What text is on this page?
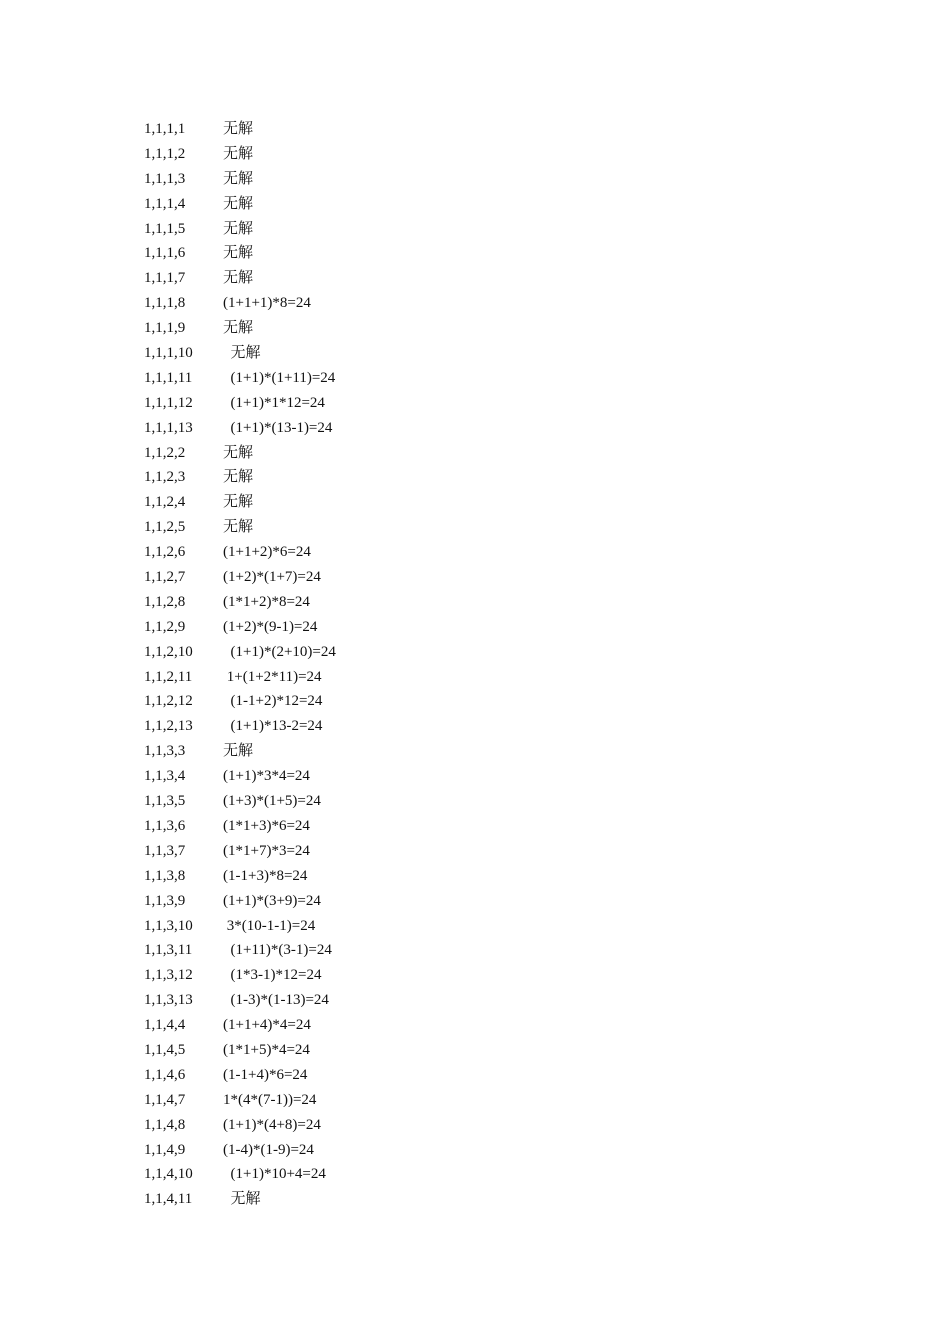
1,1,1,1	无解
1,1,1,2	无解
1,1,1,3	无解
1,1,1,4	无解
1,1,1,5	无解
1,1,1,6	无解
1,1,1,7	无解
1,1,1,8	(1+1+1)*8=24
1,1,1,9	无解
1,1,1,10  无解
1,1,1,11  (1+1)*(1+11)=24
1,1,1,12  (1+1)*1*12=24
1,1,1,13  (1+1)*(13-1)=24
1,1,2,2	无解
1,1,2,3	无解
1,1,2,4	无解
1,1,2,5	无解
1,1,2,6	(1+1+2)*6=24
1,1,2,7	(1+2)*(1+7)=24
1,1,2,8	(1*1+2)*8=24
1,1,2,9	(1+2)*(9-1)=24
1,1,2,10  (1+1)*(2+10)=24
1,1,2,11 1+(1+2*11)=24
1,1,2,12  (1-1+2)*12=24
1,1,2,13  (1+1)*13-2=24
1,1,3,3	无解
1,1,3,4	(1+1)*3*4=24
1,1,3,5	(1+3)*(1+5)=24
1,1,3,6	(1*1+3)*6=24
1,1,3,7	(1*1+7)*3=24
1,1,3,8	(1-1+3)*8=24
1,1,3,9	(1+1)*(3+9)=24
1,1,3,10 3*(10-1-1)=24
1,1,3,11  (1+11)*(3-1)=24
1,1,3,12  (1*3-1)*12=24
1,1,3,13  (1-3)*(1-13)=24
1,1,4,4	(1+1+4)*4=24
1,1,4,5	(1*1+5)*4=24
1,1,4,6	(1-1+4)*6=24
1,1,4,7	1*(4*(7-1))=24
1,1,4,8	(1+1)*(4+8)=24
1,1,4,9	(1-4)*(1-9)=24
1,1,4,10  (1+1)*10+4=24
1,1,4,11  无解
